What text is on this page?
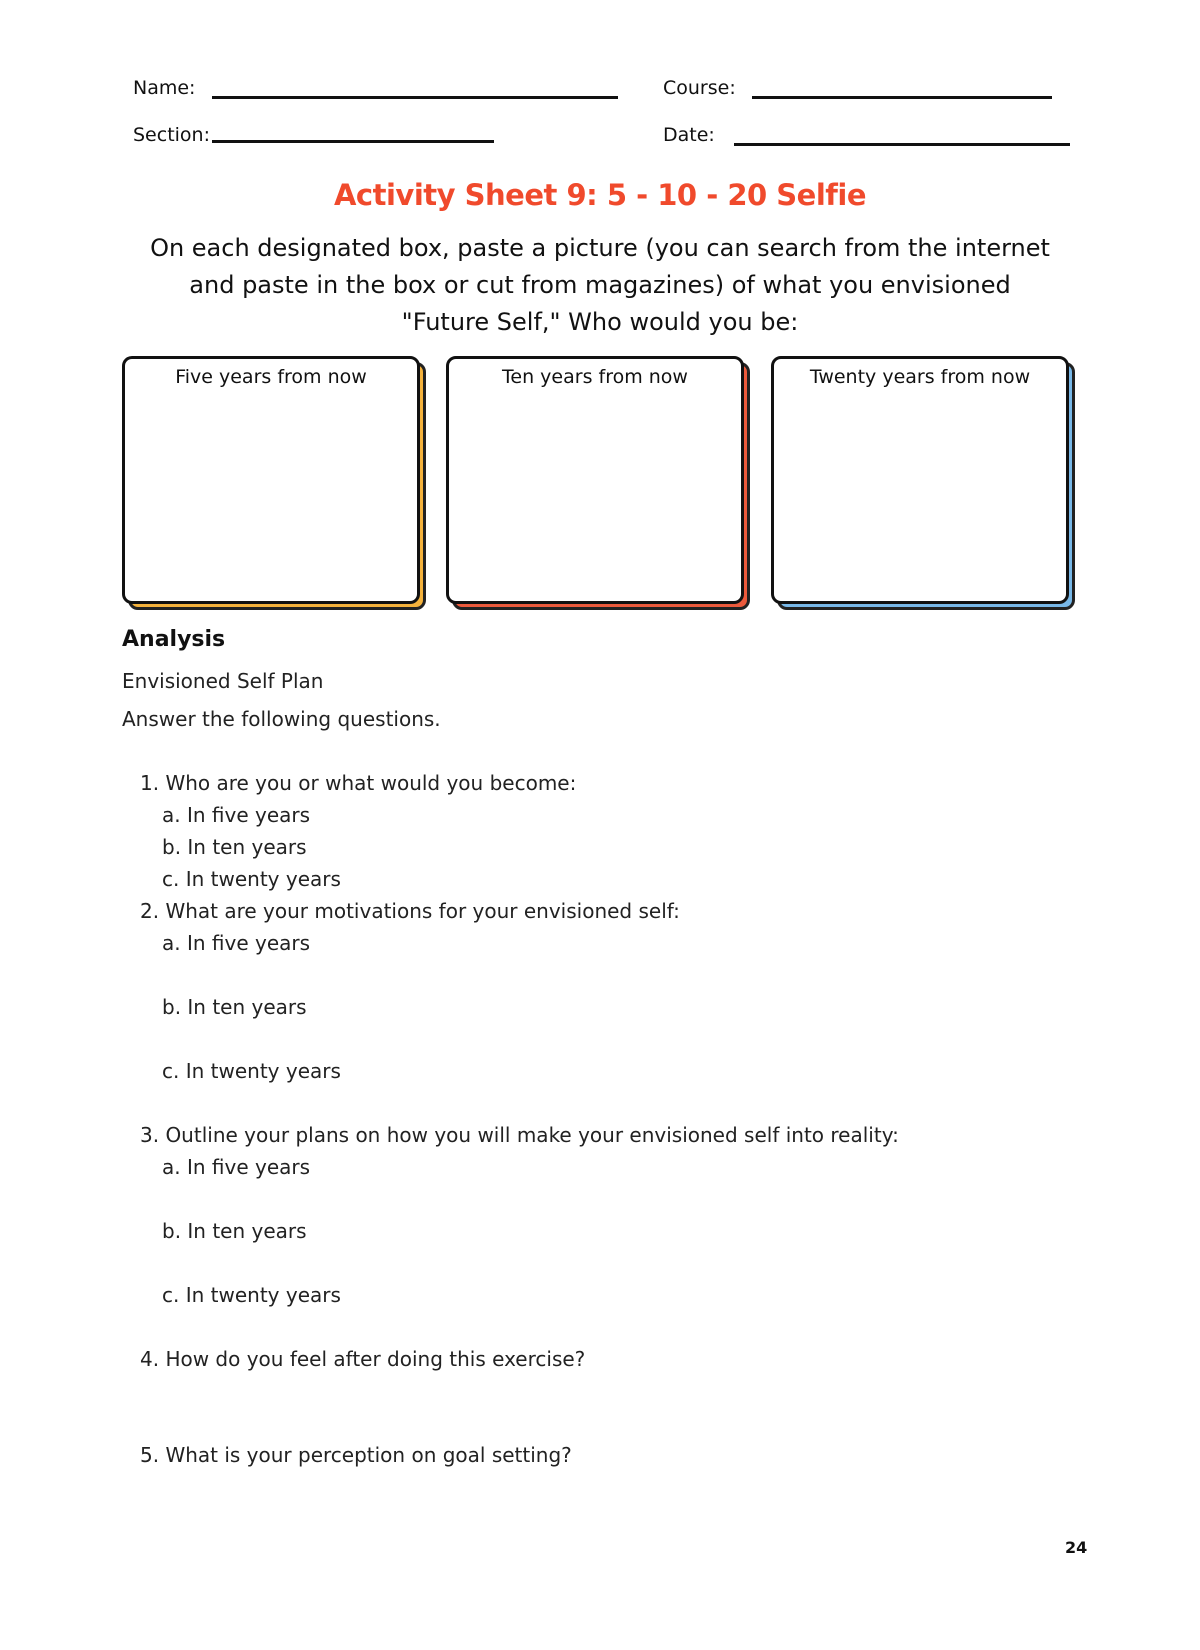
Name:	Course:
Section:	Date:
Activity Sheet 9: 5 - 10 - 20 Selfie
On each designated box, paste a picture (you can search from the internet and paste in the box or cut from magazines) of what you envisioned "Future Self," Who would you be:
Five years from now	Ten years from now	Twenty years from now
Analysis
Envisioned Self Plan
Answer the following questions.
1. Who are you or what would you become:
a. In five years
b. In ten years
c. In twenty years
2. What are your motivations for your envisioned self:
a. In five years
b. In ten years
c. In twenty years
3. Outline your plans on how you will make your envisioned self into reality:
a. In five years
b. In ten years
c. In twenty years
4. How do you feel after doing this exercise?
5. What is your perception on goal setting?
24
